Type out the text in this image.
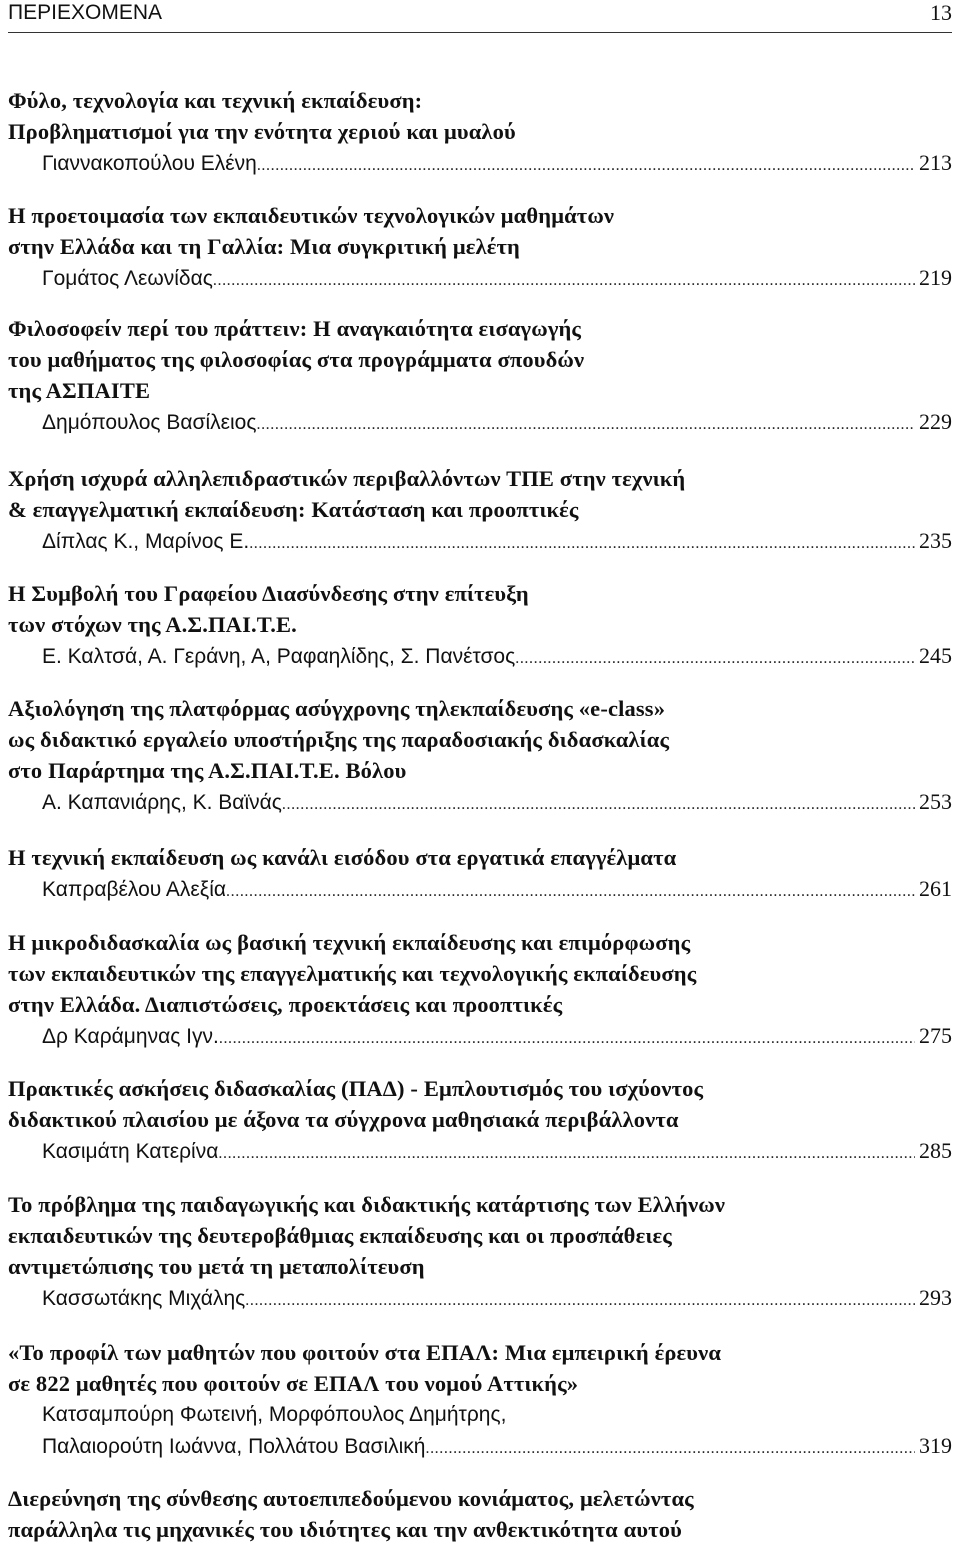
ΠΕΡΙΕΧΟΜΕΝΑ	13
Φύλο, τεχνολογία και τεχνική εκπαίδευση:
Προβληματισμοί για την ενότητα χεριού και μυαλού
Γιαννακοπούλου Ελένη .....	213
Η προετοιμασία των εκπαιδευτικών τεχνολογικών μαθημάτων
στην Ελλάδα και τη Γαλλία: Μια συγκριτική μελέτη
Γομάτος Λεωνίδας .....	219
Φιλοσοφείν περί του πράττειν: Η αναγκαιότητα εισαγωγής
του μαθήματος της φιλοσοφίας στα προγράμματα σπουδών
της ΑΣΠΑΙΤΕ
Δημόπουλος Βασίλειος .....	229
Χρήση ισχυρά αλληλεπιδραστικών περιβαλλόντων ΤΠΕ στην τεχνική
& επαγγελματική εκπαίδευση: Κατάσταση και προοπτικές
Δίπλας Κ., Μαρίνος Ε. .....	235
Η Συμβολή του Γραφείου Διασύνδεσης στην επίτευξη
των στόχων της Α.Σ.ΠΑΙ.Τ.Ε.
Ε. Καλτσά, Α. Γεράνη, Α, Ραφαηλίδης, Σ. Πανέτσος .....	245
Αξιολόγηση της πλατφόρμας ασύγχρονης τηλεκπαίδευσης «e-class»
ως διδακτικό εργαλείο υποστήριξης της παραδοσιακής διδασκαλίας
στο Παράρτημα της Α.Σ.ΠΑΙ.Τ.Ε. Βόλου
Α. Καπανιάρης, Κ. Βαϊνάς .....	253
Η τεχνική εκπαίδευση ως κανάλι εισόδου στα εργατικά επαγγέλματα
Καπραβέλου Αλεξία .....	261
Η μικροδιδασκαλία ως βασική τεχνική εκπαίδευσης και επιμόρφωσης
των εκπαιδευτικών της επαγγελματικής και τεχνολογικής εκπαίδευσης
στην Ελλάδα. Διαπιστώσεις, προεκτάσεις και προοπτικές
Δρ Καράμηνας Ιγν. .....	275
Πρακτικές ασκήσεις διδασκαλίας (ΠΑΔ) - Εμπλουτισμός του ισχύοντος
διδακτικού πλαισίου με άξονα τα σύγχρονα μαθησιακά περιβάλλοντα
Κασιμάτη Κατερίνα .....	285
Το πρόβλημα της παιδαγωγικής και διδακτικής κατάρτισης των Ελλήνων
εκπαιδευτικών της δευτεροβάθμιας εκπαίδευσης και οι προσπάθειες
αντιμετώπισης του μετά τη μεταπολίτευση
Κασσωτάκης Μιχάλης .....	293
«Το προφίλ των μαθητών που φοιτούν στα ΕΠΑΛ: Μια εμπειρική έρευνα
σε 822 μαθητές που φοιτούν σε ΕΠΑΛ του νομού Αττικής»
Κατσαμπούρη Φωτεινή, Μορφόπουλος Δημήτρης,
Παλαιορούτη Ιωάννα, Πολλάτου Βασιλική .....	319
Διερεύνηση της σύνθεσης αυτοεπιπεδούμενου κονιάματος, μελετώντας
παράλληλα τις μηχανικές του ιδιότητες και την ανθεκτικότητα αυτού
